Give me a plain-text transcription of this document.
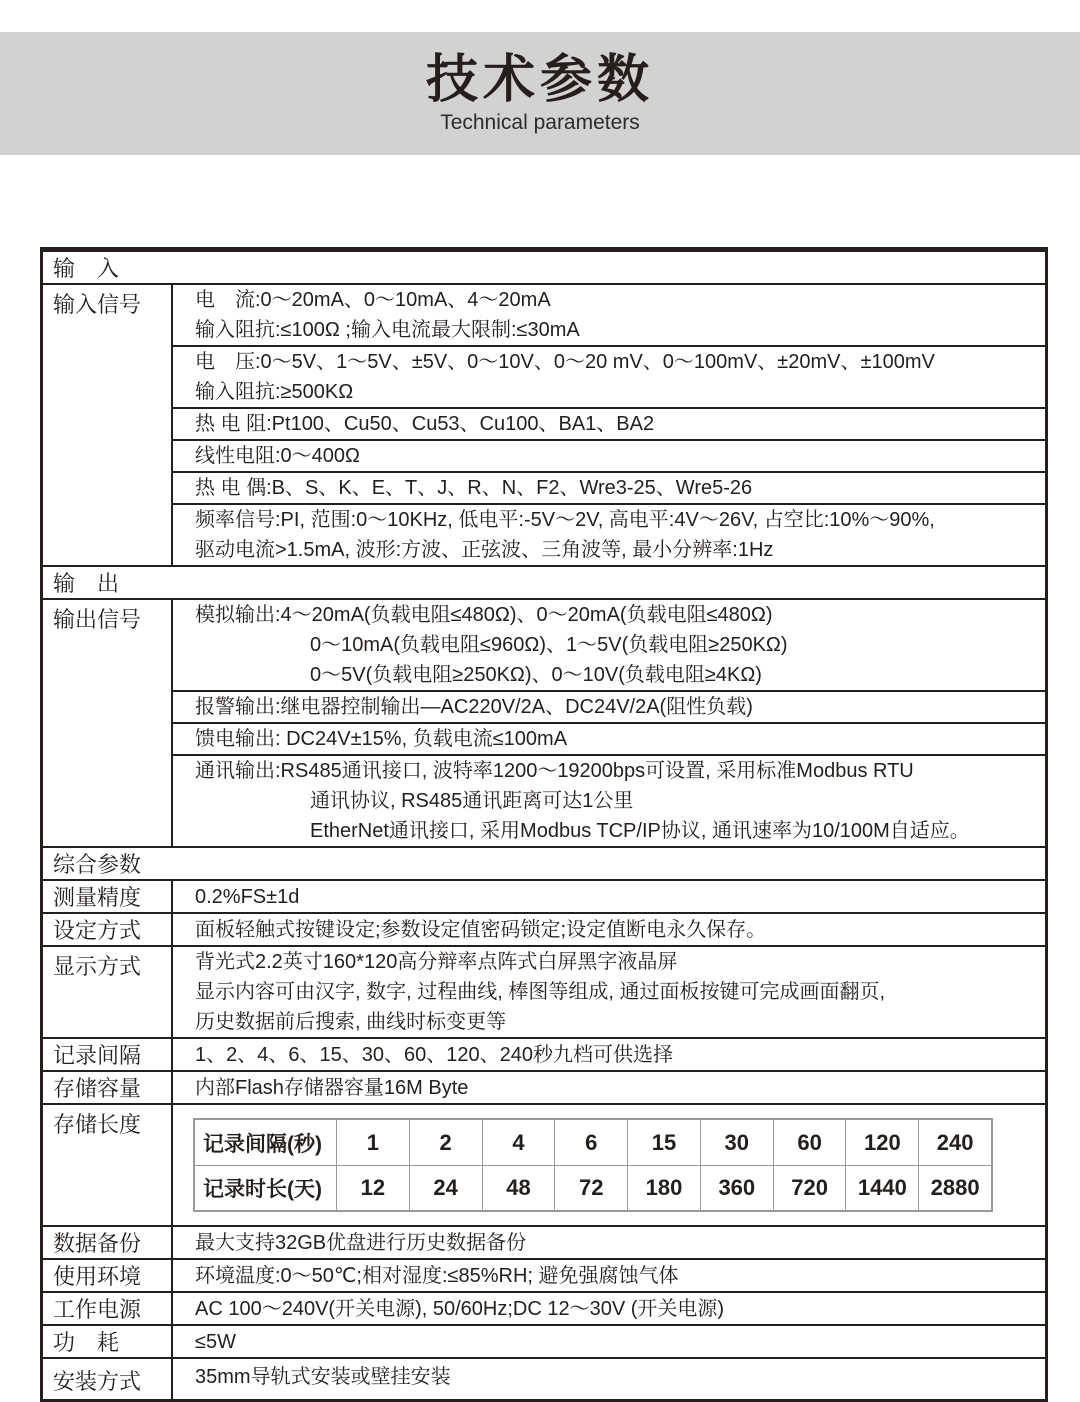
技术参数
Technical parameters
输　入
输入信号	电　流:0～20mA、0～10mA、4～20mA
输入阻抗:≤100Ω ;输入电流最大限制:≤30mA
电　压:0～5V、1～5V、±5V、0～10V、0～20 mV、0～100mV、±20mV、±100mV
输入阻抗:≥500KΩ
热 电 阻:Pt100、Cu50、Cu53、Cu100、BA1、BA2
线性电阻:0～400Ω
热 电 偶:B、S、K、E、T、J、R、N、F2、Wre3-25、Wre5-26
频率信号:PI, 范围:0～10KHz, 低电平:-5V～2V, 高电平:4V～26V, 占空比:10%～90%,
驱动电流>1.5mA, 波形:方波、正弦波、三角波等, 最小分辨率:1Hz
输　出
输出信号	模拟输出:4～20mA(负载电阻≤480Ω)、0～20mA(负载电阻≤480Ω)
0～10mA(负载电阻≤960Ω)、1～5V(负载电阻≥250KΩ)
0～5V(负载电阻≥250KΩ)、0～10V(负载电阻≥4KΩ)
报警输出:继电器控制输出—AC220V/2A、DC24V/2A(阻性负载)
馈电输出: DC24V±15%, 负载电流≤100mA
通讯输出:RS485通讯接口, 波特率1200～19200bps可设置, 采用标准Modbus RTU
通讯协议, RS485通讯距离可达1公里
EtherNet通讯接口, 采用Modbus TCP/IP协议, 通讯速率为10/100M自适应。
综合参数
测量精度	0.2%FS±1d
设定方式	面板轻触式按键设定;参数设定值密码锁定;设定值断电永久保存。
显示方式	背光式2.2英寸160*120高分辩率点阵式白屏黑字液晶屏
显示内容可由汉字, 数字, 过程曲线, 棒图等组成, 通过面板按键可完成画面翻页,
历史数据前后搜索, 曲线时标变更等
记录间隔	1、2、4、6、15、30、60、120、240秒九档可供选择
存储容量	内部Flash存储器容量16M Byte
存储长度
记录间隔(秒)	1	2	4	6	15	30	60	120	240
记录时长(天)	12	24	48	72	180	360	720	1440	2880
数据备份	最大支持32GB优盘进行历史数据备份
使用环境	环境温度:0～50℃;相对湿度:≤85%RH; 避免强腐蚀气体
工作电源	AC 100～240V(开关电源), 50/60Hz;DC 12～30V (开关电源)
功　耗	≤5W
安装方式	35mm导轨式安装或壁挂安装
